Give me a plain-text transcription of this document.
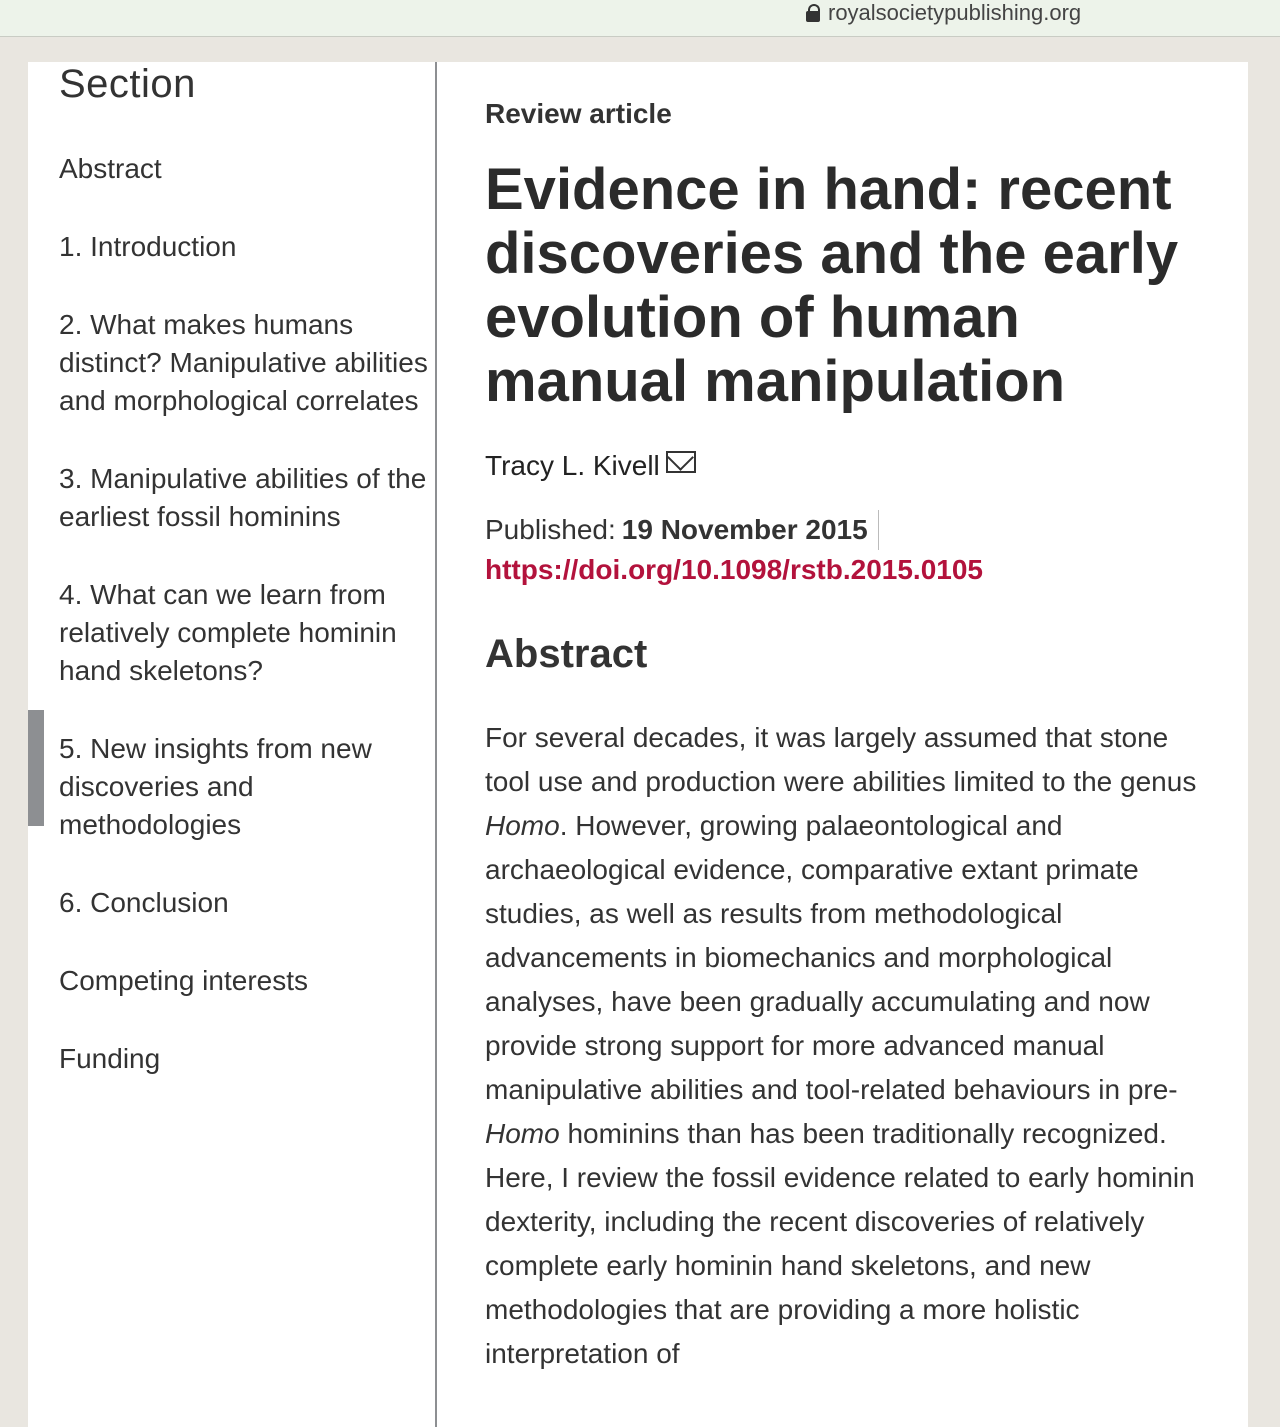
royalsocietypublishing.org
Section
Abstract
1. Introduction
2. What makes humans distinct? Manipulative abilities and morphological correlates
3. Manipulative abilities of the earliest fossil hominins
4. What can we learn from relatively complete hominin hand skeletons?
5. New insights from new discoveries and methodologies
6. Conclusion
Competing interests
Funding
Review article
Evidence in hand: recent discoveries and the early evolution of human manual manipulation
Tracy L. Kivell
Published: 19 November 2015
https://doi.org/10.1098/rstb.2015.0105
Abstract

For several decades, it was largely assumed that stone tool use and production were abilities limited to the genus Homo. However, growing palaeontological and archaeological evidence, comparative extant primate studies, as well as results from methodological advancements in biomechanics and morphological analyses, have been gradually accumulating and now provide strong support for more advanced manual manipulative abilities and tool-related behaviours in pre-Homo hominins than has been traditionally recognized. Here, I review the fossil evidence related to early hominin dexterity, including the recent discoveries of relatively complete early hominin hand skeletons, and new methodologies that are providing a more holistic interpretation of
